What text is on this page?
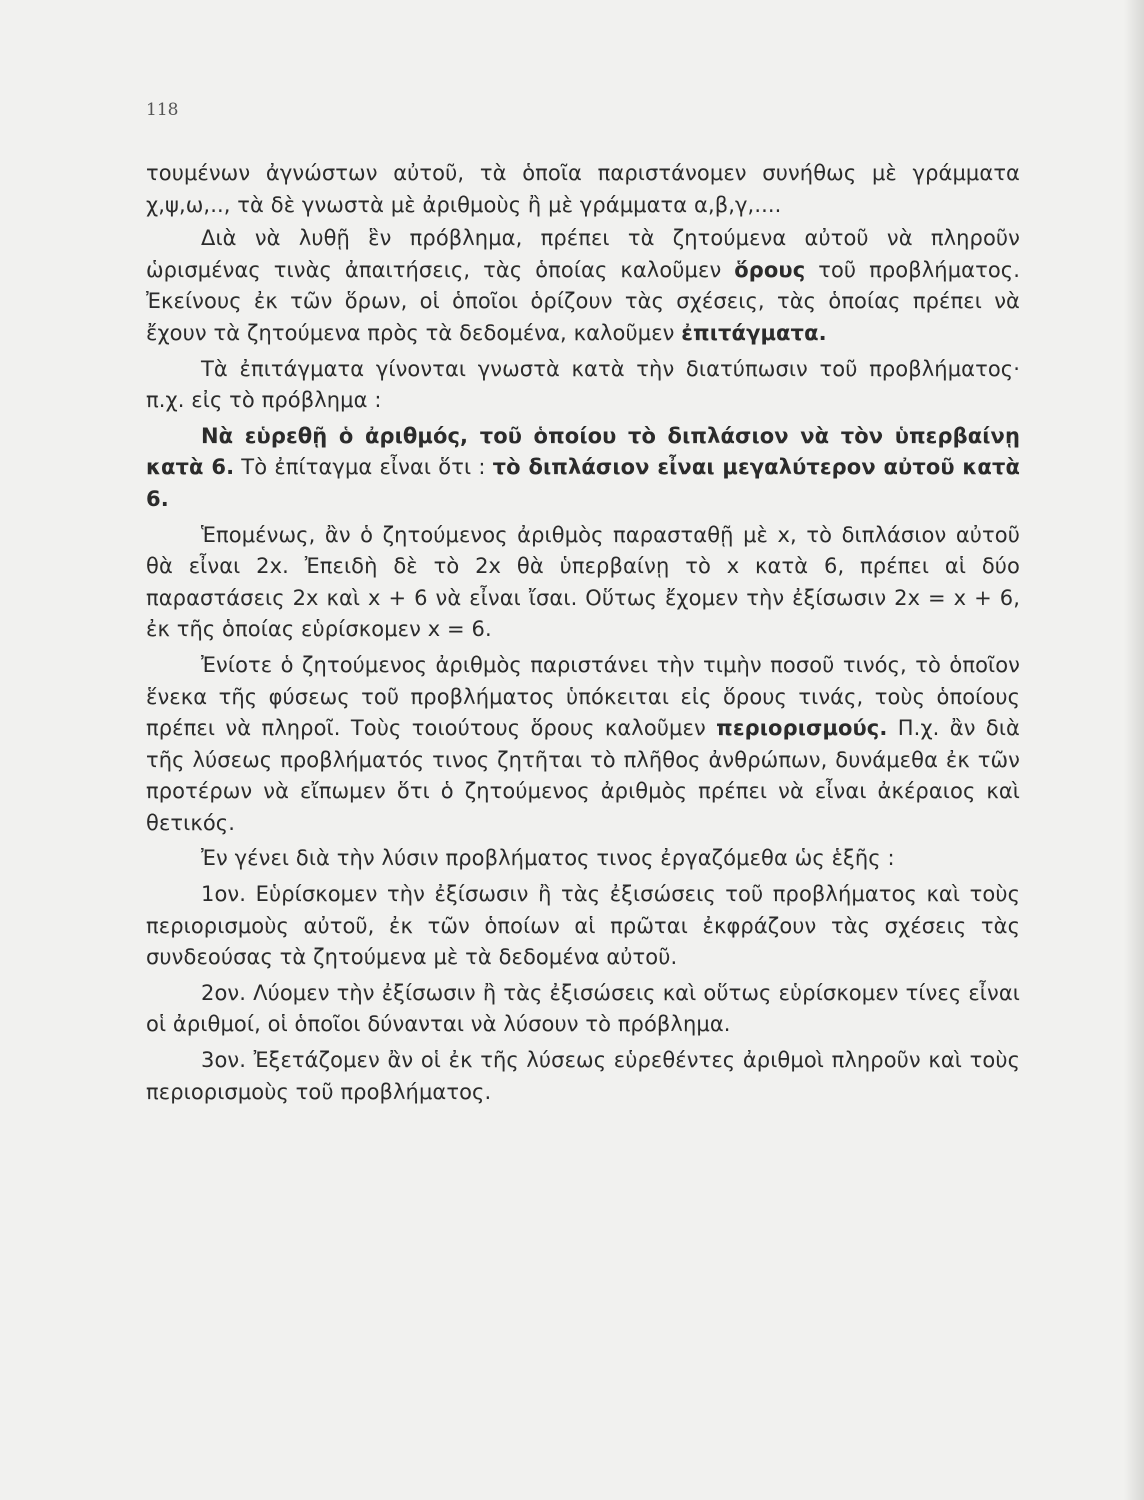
118

τουμένων ἀγνώστων αὐτοῦ, τὰ ὁποῖα παριστάνομεν συνήθως μὲ γράμματα χ,ψ,ω,.., τὰ δὲ γνωστὰ μὲ ἀριθμοὺς ἢ μὲ γράμματα α,β,γ,....

Διὰ νὰ λυθῇ ἓν πρόβλημα, πρέπει τὰ ζητούμενα αὐτοῦ νὰ πληροῦν ὡρισμένας τινὰς ἀπαιτήσεις, τὰς ὁποίας καλοῦμεν ὅρους τοῦ προβλήματος. Ἐκείνους ἐκ τῶν ὅρων, οἱ ὁποῖοι ὁρίζουν τὰς σχέσεις, τὰς ὁποίας πρέπει νὰ ἔχουν τὰ ζητούμενα πρὸς τὰ δεδομένα, καλοῦμεν ἐπιτάγματα.

Τὰ ἐπιτάγματα γίνονται γνωστὰ κατὰ τὴν διατύπωσιν τοῦ προβλήματος· π.χ. εἰς τὸ πρόβλημα :

Νὰ εὑρεθῇ ὁ ἀριθμός, τοῦ ὁποίου τὸ διπλάσιον νὰ τὸν ὑπερβαίνῃ κατὰ 6. Τὸ ἐπίταγμα εἶναι ὅτι : τὸ διπλάσιον εἶναι μεγαλύτερον αὐτοῦ κατὰ 6.

Ἑπομένως, ἂν ὁ ζητούμενος ἀριθμὸς παρασταθῇ μὲ x, τὸ διπλάσιον αὐτοῦ θὰ εἶναι 2x. Ἐπειδὴ δὲ τὸ 2x θὰ ὑπερβαίνῃ τὸ x κατὰ 6, πρέπει αἱ δύο παραστάσεις 2x καὶ x + 6 νὰ εἶναι ἴσαι. Οὕτως ἔχομεν τὴν ἐξίσωσιν 2x = x + 6, ἐκ τῆς ὁποίας εὑρίσκομεν x = 6.

Ἐνίοτε ὁ ζητούμενος ἀριθμὸς παριστάνει τὴν τιμὴν ποσοῦ τινός, τὸ ὁποῖον ἕνεκα τῆς φύσεως τοῦ προβλήματος ὑπόκειται εἰς ὅρους τινάς, τοὺς ὁποίους πρέπει νὰ πληροῖ. Τοὺς τοιούτους ὅρους καλοῦμεν περιορισμούς. Π.χ. ἂν διὰ τῆς λύσεως προβλήματός τινος ζητῆται τὸ πλῆθος ἀνθρώπων, δυνάμεθα ἐκ τῶν προτέρων νὰ εἴπωμεν ὅτι ὁ ζητούμενος ἀριθμὸς πρέπει νὰ εἶναι ἀκέραιος καὶ θετικός.

Ἐν γένει διὰ τὴν λύσιν προβλήματος τινος ἐργαζόμεθα ὡς ἑξῆς :

1ον. Εὑρίσκομεν τὴν ἐξίσωσιν ἢ τὰς ἐξισώσεις τοῦ προβλήματος καὶ τοὺς περιορισμοὺς αὐτοῦ, ἐκ τῶν ὁποίων αἱ πρῶται ἐκφράζουν τὰς σχέσεις τὰς συνδεούσας τὰ ζητούμενα μὲ τὰ δεδομένα αὐτοῦ.

2ον. Λύομεν τὴν ἐξίσωσιν ἢ τὰς ἐξισώσεις καὶ οὕτως εὑρίσκομεν τίνες εἶναι οἱ ἀριθμοί, οἱ ὁποῖοι δύνανται νὰ λύσουν τὸ πρόβλημα.

3ον. Ἐξετάζομεν ἂν οἱ ἐκ τῆς λύσεως εὑρεθέντες ἀριθμοὶ πληροῦν καὶ τοὺς περιορισμοὺς τοῦ προβλήματος.
